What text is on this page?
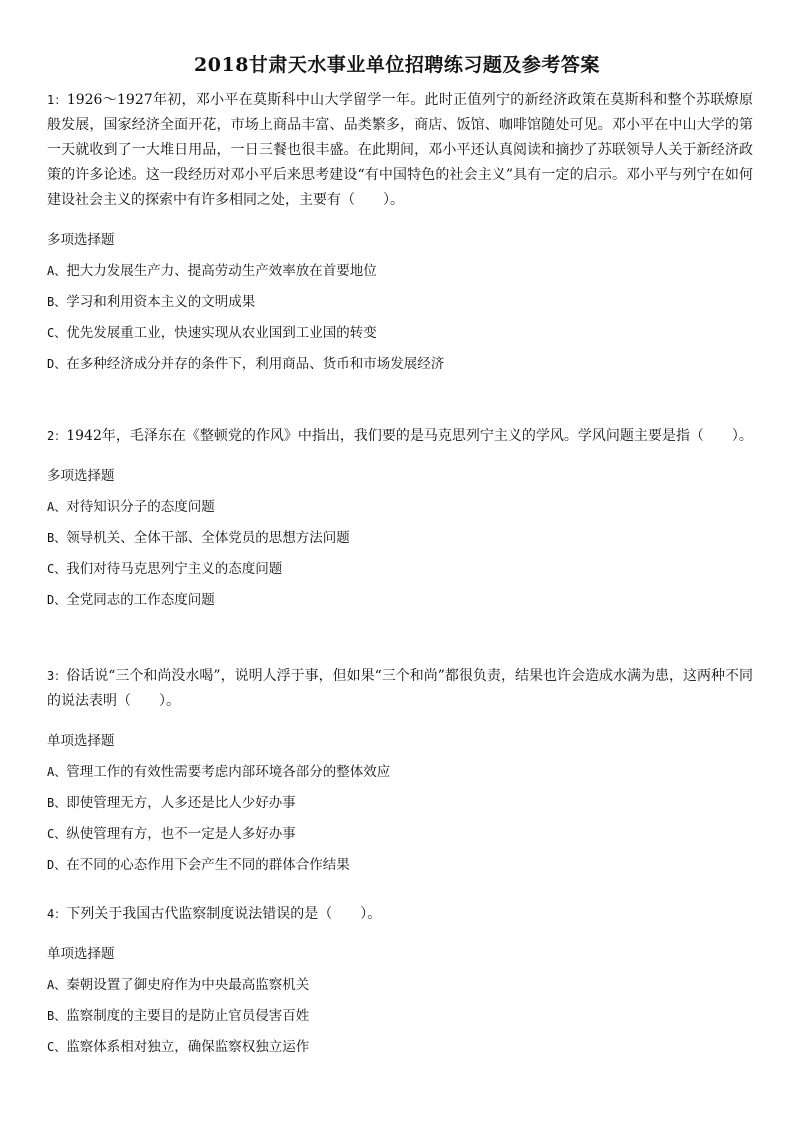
2018甘肃天水事业单位招聘练习题及参考答案
1：1926～1927年初，邓小平在莫斯科中山大学留学一年。此时正值列宁的新经济政策在莫斯科和整个苏联燎原般发展，国家经济全面开花，市场上商品丰富、品类繁多，商店、饭馆、咖啡馆随处可见。邓小平在中山大学的第一天就收到了一大堆日用品，一日三餐也很丰盛。在此期间，邓小平还认真阅读和摘抄了苏联领导人关于新经济政策的许多论述。这一段经历对邓小平后来思考建设“有中国特色的社会主义”具有一定的启示。邓小平与列宁在如何建设社会主义的探索中有许多相同之处，主要有（　　）。
多项选择题
A、把大力发展生产力、提高劳动生产效率放在首要地位
B、学习和利用资本主义的文明成果
C、优先发展重工业，快速实现从农业国到工业国的转变
D、在多种经济成分并存的条件下，利用商品、货币和市场发展经济
2：1942年，毛泽东在《整顿党的作风》中指出，我们要的是马克思列宁主义的学风。学风问题主要是指（　　）。
多项选择题
A、对待知识分子的态度问题
B、领导机关、全体干部、全体党员的思想方法问题
C、我们对待马克思列宁主义的态度问题
D、全党同志的工作态度问题
3：俗话说“三个和尚没水喝”，说明人浮于事，但如果“三个和尚”都很负责，结果也许会造成水满为患，这两种不同的说法表明（　　）。
单项选择题
A、管理工作的有效性需要考虑内部环境各部分的整体效应
B、即使管理无方，人多还是比人少好办事
C、纵使管理有方，也不一定是人多好办事
D、在不同的心态作用下会产生不同的群体合作结果
4：下列关于我国古代监察制度说法错误的是（　　）。
单项选择题
A、秦朝设置了御史府作为中央最高监察机关
B、监察制度的主要目的是防止官员侵害百姓
C、监察体系相对独立，确保监察权独立运作
